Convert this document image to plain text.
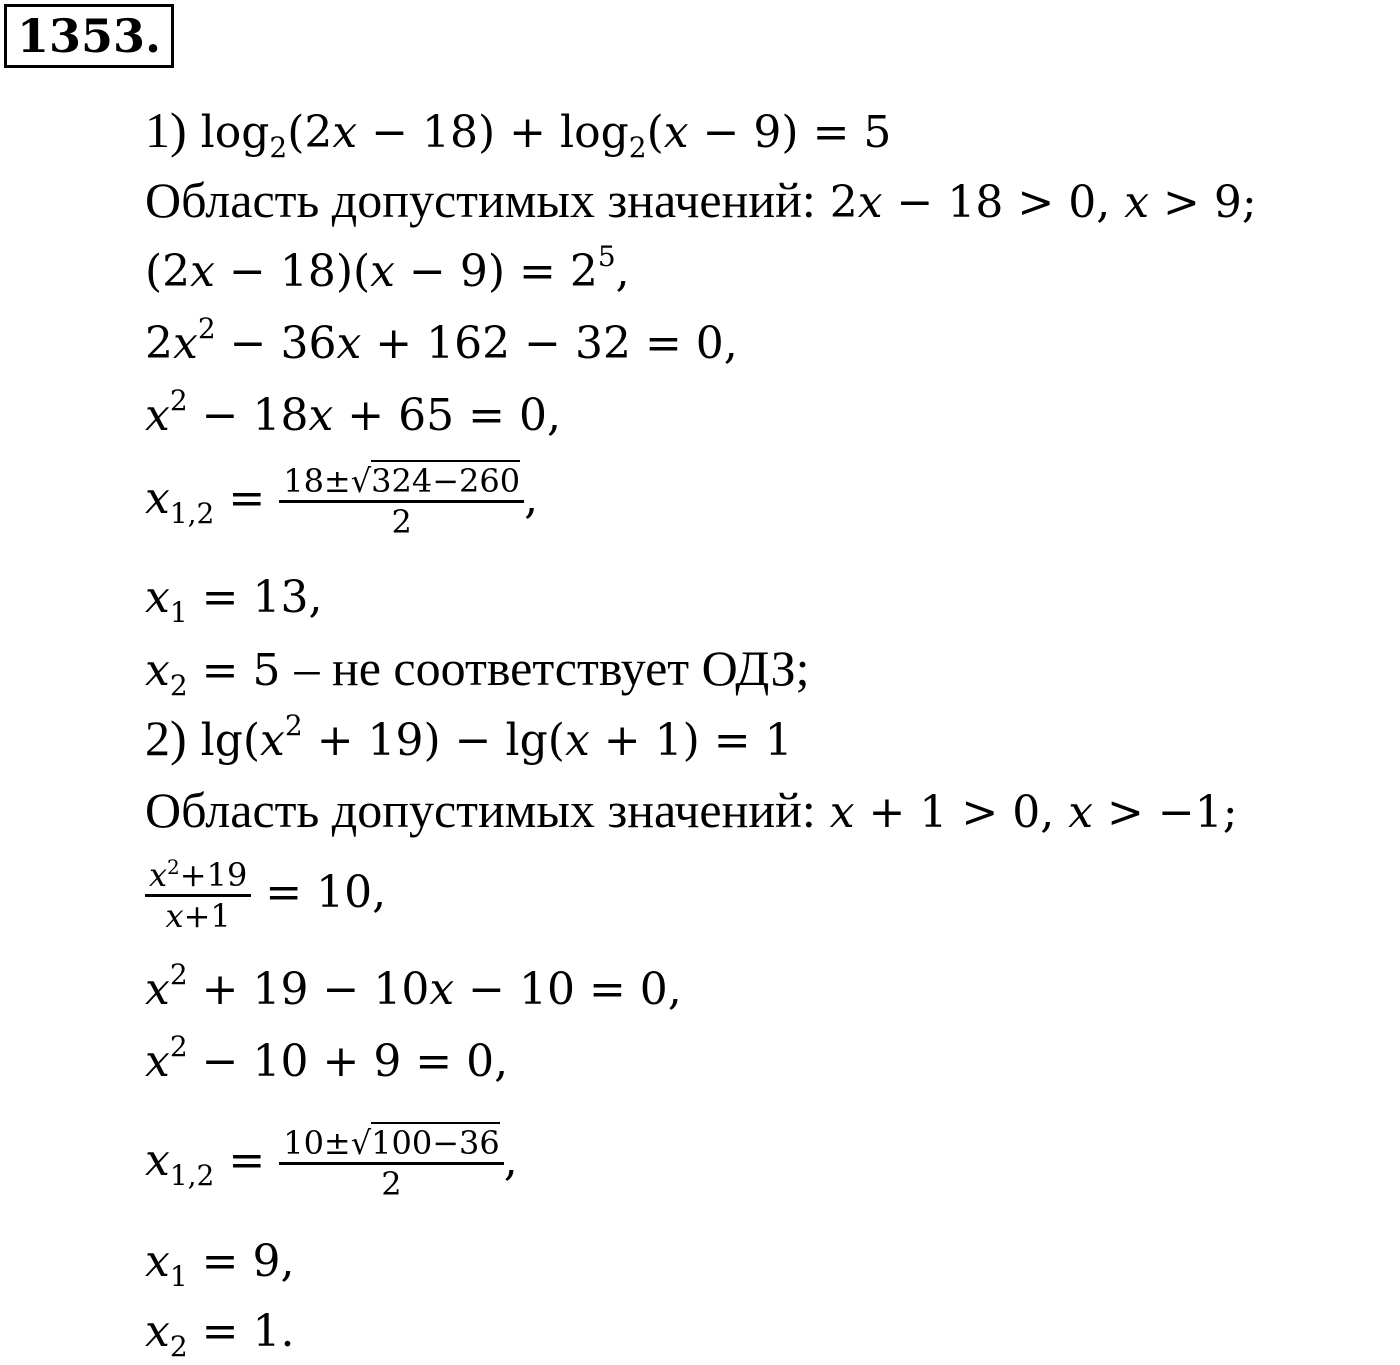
1353.
1) $\log_2(2x - 18) + \log_2(x - 9) = 5$
Область допустимых значений: 2x − 18 > 0, x > 9;
$(2x - 18)(x - 9) = 2^5$,
$2x^2 - 36x + 162 - 32 = 0$,
$x^2 - 18x + 65 = 0$,
$x_{1,2} = \frac{18\pm√324-260}{2}$ ,
$x_1 = 13$,
$x_2 = 5$ – не соответствует ОДЗ;
2) $\lg(x^2 + 19) - \lg(x + 1) = 1$
Область допустимых значений: x + 1 > 0, x > −1;
$\frac{x^2+19}{x+1} = 10$,
$x^2 + 19 - 10x - 10 = 0$,
$x^2 - 10 + 9 = 0$,
$x_{1,2} = \frac{10\pm√100-36}{2}$ ,
$x_1 = 9$,
$x_2 = 1$.
